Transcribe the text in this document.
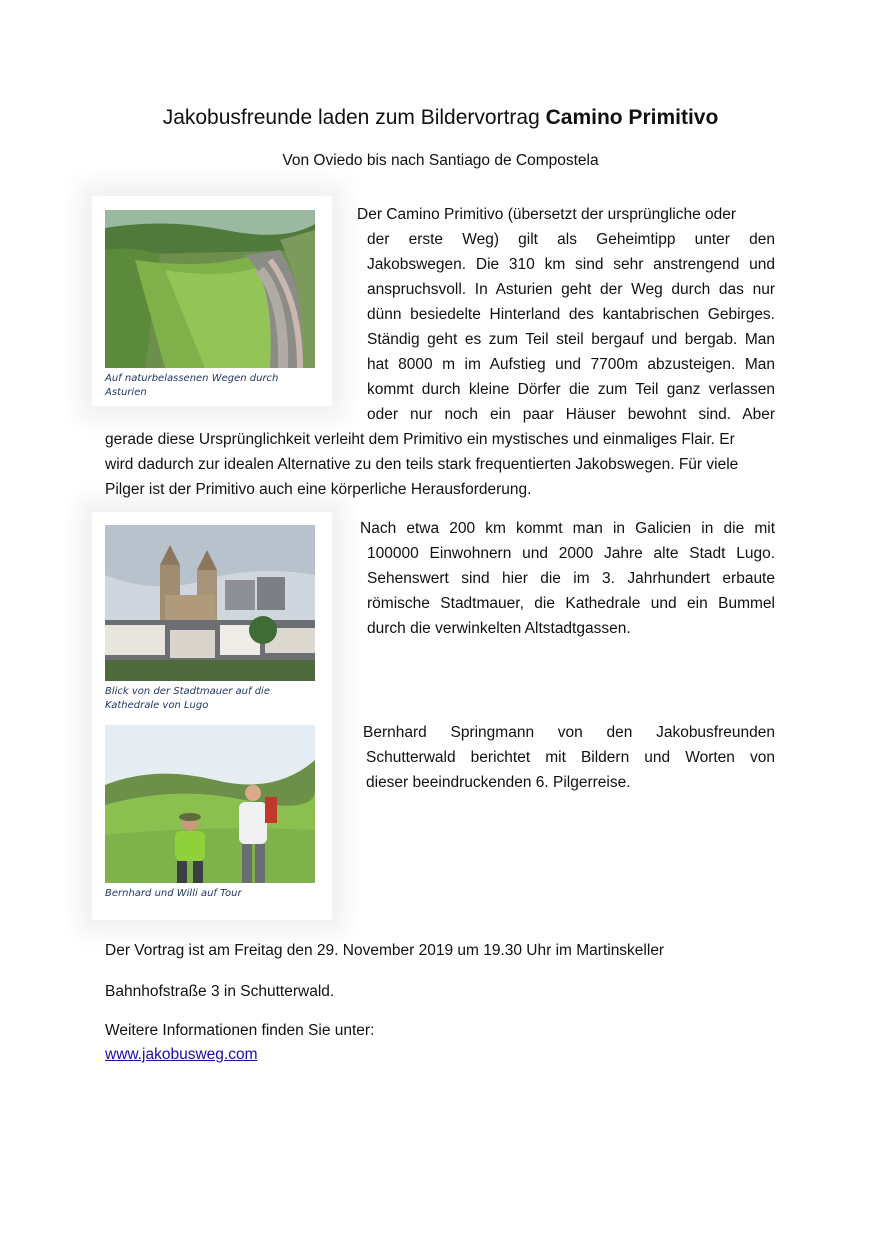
Jakobusfreunde laden zum Bildervortrag Camino Primitivo
Von Oviedo bis nach Santiago de Compostela
Auf naturbelassenen Wegen durch Asturien
Blick von der Stadtmauer auf die
Kathedrale von Lugo
Bernhard und Willi auf Tour
Der Camino Primitivo (übersetzt der ursprüngliche oder
der erste Weg) gilt als Geheimtipp unter den
Jakobswegen. Die 310 km sind sehr anstrengend und
anspruchsvoll. In Asturien geht der Weg durch das nur
dünn besiedelte Hinterland des kantabrischen Gebirges.
Ständig geht es zum Teil steil bergauf und bergab. Man
hat 8000 m im Aufstieg und 7700m abzusteigen. Man
kommt durch kleine Dörfer die zum Teil ganz verlassen
oder nur noch ein paar Häuser bewohnt sind. Aber
gerade diese Ursprünglichkeit verleiht dem Primitivo ein mystisches und einmaliges Flair. Er
wird dadurch zur idealen Alternative zu den teils stark frequentierten Jakobswegen. Für viele
Pilger ist der Primitivo auch eine körperliche Herausforderung.
Nach etwa 200 km kommt man in Galicien in die mit
100000 Einwohnern und 2000 Jahre alte Stadt Lugo.
Sehenswert sind hier die im 3. Jahrhundert erbaute
römische Stadtmauer, die Kathedrale und ein Bummel
durch die verwinkelten Altstadtgassen.
Bernhard Springmann von den Jakobusfreunden
Schutterwald berichtet mit Bildern und Worten von
dieser beeindruckenden 6. Pilgerreise.
Der Vortrag ist am Freitag den 29. November 2019 um 19.30 Uhr im Martinskeller
Bahnhofstraße 3 in Schutterwald.
Weitere Informationen finden Sie unter:
www.jakobusweg.com
